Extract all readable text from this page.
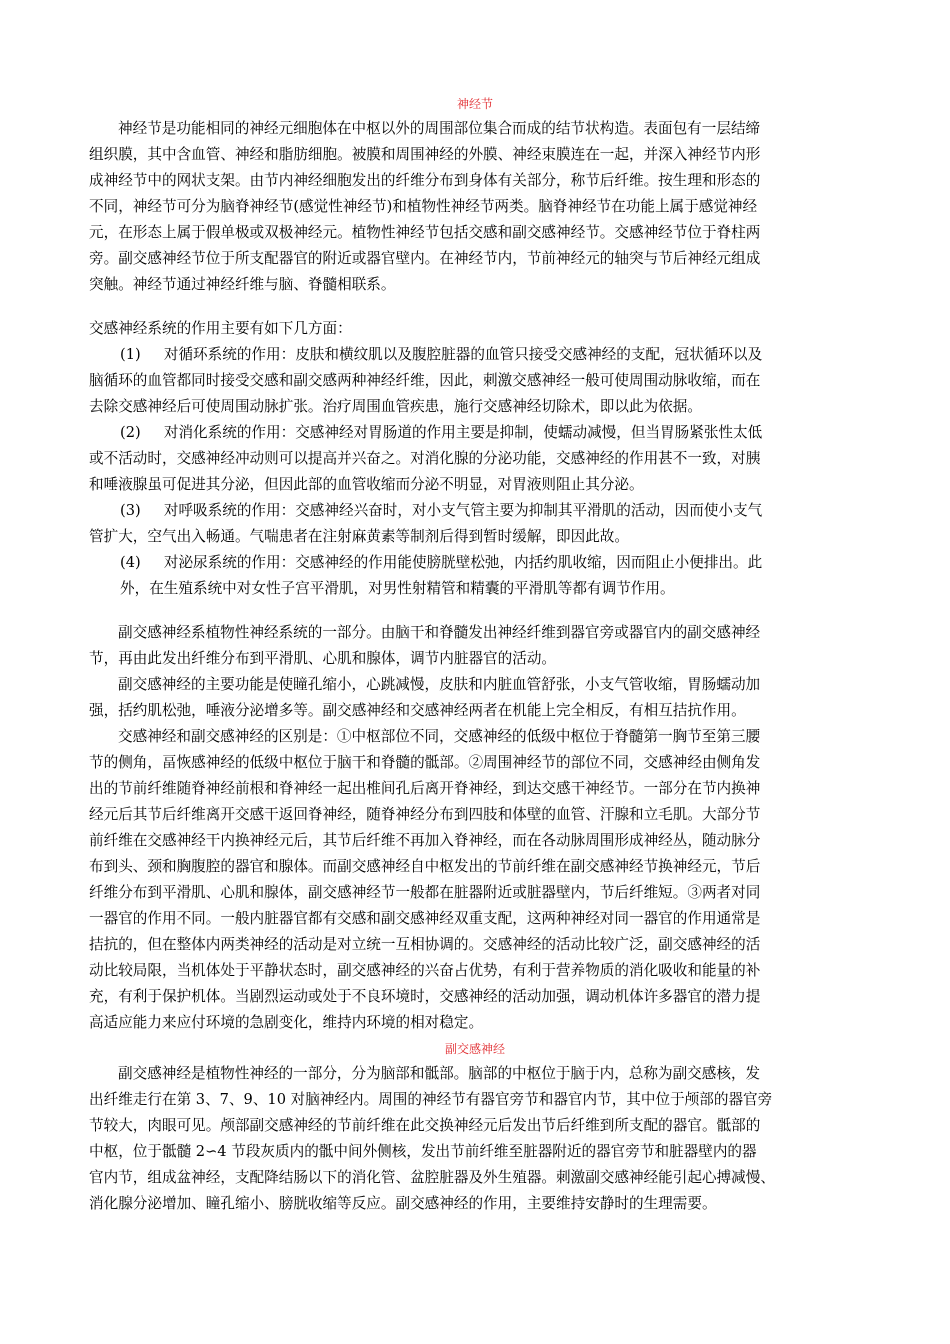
神经节
神经节是功能相同的神经元细胞体在中枢以外的周围部位集合而成的结节状构造。表面包有一层结缔
组织膜，其中含血管、神经和脂肪细胞。被膜和周围神经的外膜、神经束膜连在一起，并深入神经节内形
成神经节中的网状支架。由节内神经细胞发出的纤维分布到身体有关部分，称节后纤维。按生理和形态的
不同，神经节可分为脑脊神经节(感觉性神经节)和植物性神经节两类。脑脊神经节在功能上属于感觉神经
元，在形态上属于假单极或双极神经元。植物性神经节包括交感和副交感神经节。交感神经节位于脊柱两
旁。副交感神经节位于所支配器官的附近或器官壁内。在神经节内，节前神经元的轴突与节后神经元组成
突触。神经节通过神经纤维与脑、脊髓相联系。
交感神经系统的作用主要有如下几方面：
(1)     对循环系统的作用：皮肤和横纹肌以及腹腔脏器的血管只接受交感神经的支配，冠状循环以及
脑循环的血管都同时接受交感和副交感两种神经纤维，因此，刺激交感神经一般可使周围动脉收缩，而在
去除交感神经后可使周围动脉扩张。治疗周围血管疾患，施行交感神经切除术，即以此为依据。
(2)     对消化系统的作用：交感神经对胃肠道的作用主要是抑制，使蠕动减慢，但当胃肠紧张性太低
或不活动时，交感神经冲动则可以提高并兴奋之。对消化腺的分泌功能，交感神经的作用甚不一致，对胰
和唾液腺虽可促进其分泌，但因此部的血管收缩而分泌不明显，对胃液则阻止其分泌。
(3)     对呼吸系统的作用：交感神经兴奋时，对小支气管主要为抑制其平滑肌的活动，因而使小支气
管扩大，空气出入畅通。气喘患者在注射麻黄素等制剂后得到暂时缓解，即因此故。
(4)     对泌尿系统的作用：交感神经的作用能使膀胱壁松弛，内括约肌收缩，因而阻止小便排出。此
外，在生殖系统中对女性子宫平滑肌，对男性射精管和精囊的平滑肌等都有调节作用。
副交感神经系植物性神经系统的一部分。由脑干和脊髓发出神经纤维到器官旁或器官内的副交感神经
节，再由此发出纤维分布到平滑肌、心肌和腺体，调节内脏器官的活动。
副交感神经的主要功能是使瞳孔缩小，心跳减慢，皮肤和内脏血管舒张，小支气管收缩，胃肠蠕动加
强，括约肌松弛，唾液分泌增多等。副交感神经和交感神经两者在机能上完全相反，有相互拮抗作用。
交感神经和副交感神经的区别是：①中枢部位不同，交感神经的低级中枢位于脊髓第一胸节至第三腰
节的侧角，畐恢感神经的低级中枢位于脑干和脊髓的骶部。②周围神经节的部位不同，交感神经由侧角发
出的节前纤维随脊神经前根和脊神经一起出椎间孔后离开脊神经，到达交感干神经节。一部分在节内换神
经元后其节后纤维离开交感干返回脊神经，随脊神经分布到四肢和体壁的血管、汗腺和立毛肌。大部分节
前纤维在交感神经干内换神经元后，其节后纤维不再加入脊神经，而在各动脉周围形成神经丛，随动脉分
布到头、颈和胸腹腔的器官和腺体。而副交感神经自中枢发出的节前纤维在副交感神经节换神经元，节后
纤维分布到平滑肌、心肌和腺体，副交感神经节一般都在脏器附近或脏器壁内，节后纤维短。③两者对同
一器官的作用不同。一般内脏器官都有交感和副交感神经双重支配，这两种神经对同一器官的作用通常是
拮抗的，但在整体内两类神经的活动是对立统一互相协调的。交感神经的活动比较广泛，副交感神经的活
动比较局限，当机体处于平静状态时，副交感神经的兴奋占优势，有利于营养物质的消化吸收和能量的补
充，有利于保护机体。当剧烈运动或处于不良环境时，交感神经的活动加强，调动机体许多器官的潜力提
高适应能力来应付环境的急剧变化，维持内环境的相对稳定。
副交感神经
副交感神经是植物性神经的一部分，分为脑部和骶部。脑部的中枢位于脑于内，总称为副交感核，发
出纤维走行在第 3、7、9、10 对脑神经内。周围的神经节有器官旁节和器官内节，其中位于颅部的器官旁
节较大，肉眼可见。颅部副交感神经的节前纤维在此交换神经元后发出节后纤维到所支配的器官。骶部的
中枢，位于骶髓 2∽4 节段灰质内的骶中间外侧核，发出节前纤维至脏器附近的器官旁节和脏器壁内的器
官内节，组成盆神经，支配降结肠以下的消化管、盆腔脏器及外生殖器。刺激副交感神经能引起心搏减慢、
消化腺分泌增加、瞳孔缩小、膀胱收缩等反应。副交感神经的作用，主要维持安静时的生理需要。
